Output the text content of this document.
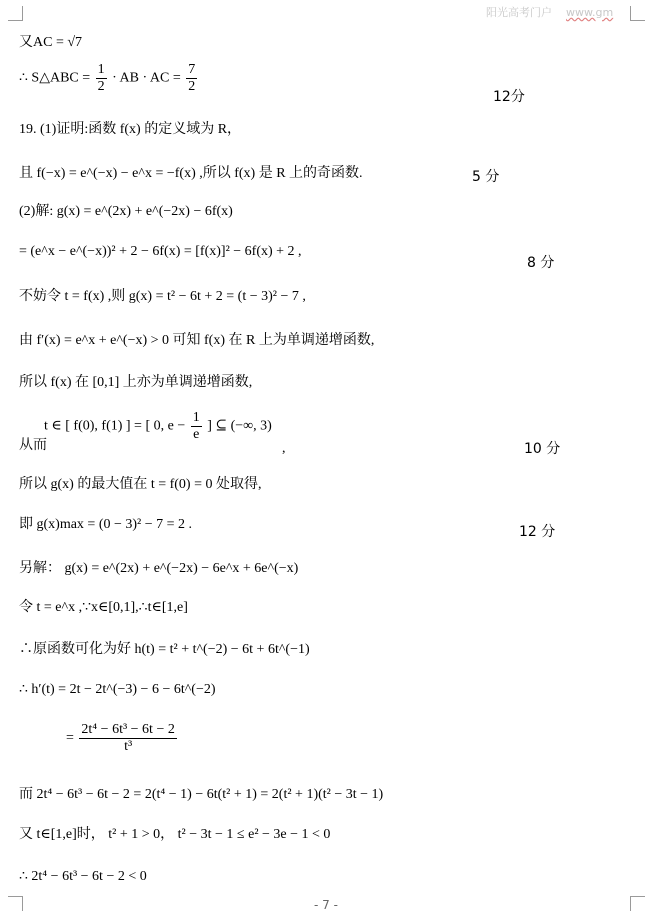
阳光高考门户 www.gm
又AC = √7
∴ S△ABC = $\frac{1}{2}$ · AB · AC = $\frac{7}{2}$
12分
19. (1)证明:函数 f(x) 的定义域为 R，
且 f(−x) = e^(−x) − e^x = −f(x) ,所以 f(x) 是 R 上的奇函数.	5 分
(2)解: g(x) = e^(2x) + e^(−2x) − 6f(x)
= (e^x − e^(−x))² + 2 − 6f(x) = [f(x)]² − 6f(x) + 2 ,
8 分
不妨令 t = f(x) ,则 g(x) = t² − 6t + 2 = (t − 3)² − 7 ,
由 f′(x) = e^x + e^(−x) > 0 可知 f(x) 在 R 上为单调递增函数,
所以 f(x) 在 [0,1] 上亦为单调递增函数,
t ∈ [ f(0), f(1) ] = [ 0, $e - \frac{1}{e}$ ] ⊆ (−∞, 3)
从而	,	10 分
所以 g(x) 的最大值在 t = f(0) = 0 处取得,
即 g(x)max = (0 − 3)² − 7 = 2 .	12 分
另解： g(x) = e^(2x) + e^(−2x) − 6e^x + 6e^(−x)
令 t = e^x ,∵x∈[0,1],∴t∈[1,e]
∴原函数可化为好 h(t) = t² + t^(−2) − 6t + 6t^(−1)
∴ h′(t) = 2t − 2t^(−3) − 6 − 6t^(−2)
= $\frac{\text{2t⁴ − 6t³ − 6t − 2}}{\text{t³}}$
而 2t⁴ − 6t³ − 6t − 2 = 2(t⁴ − 1) − 6t(t² + 1) = 2(t² + 1)(t² − 3t − 1)
又 t∈[1,e]时， t² + 1 > 0， t² − 3t − 1 ≤ e² − 3e − 1 < 0
∴ 2t⁴ − 6t³ − 6t − 2 < 0
- 7 -
